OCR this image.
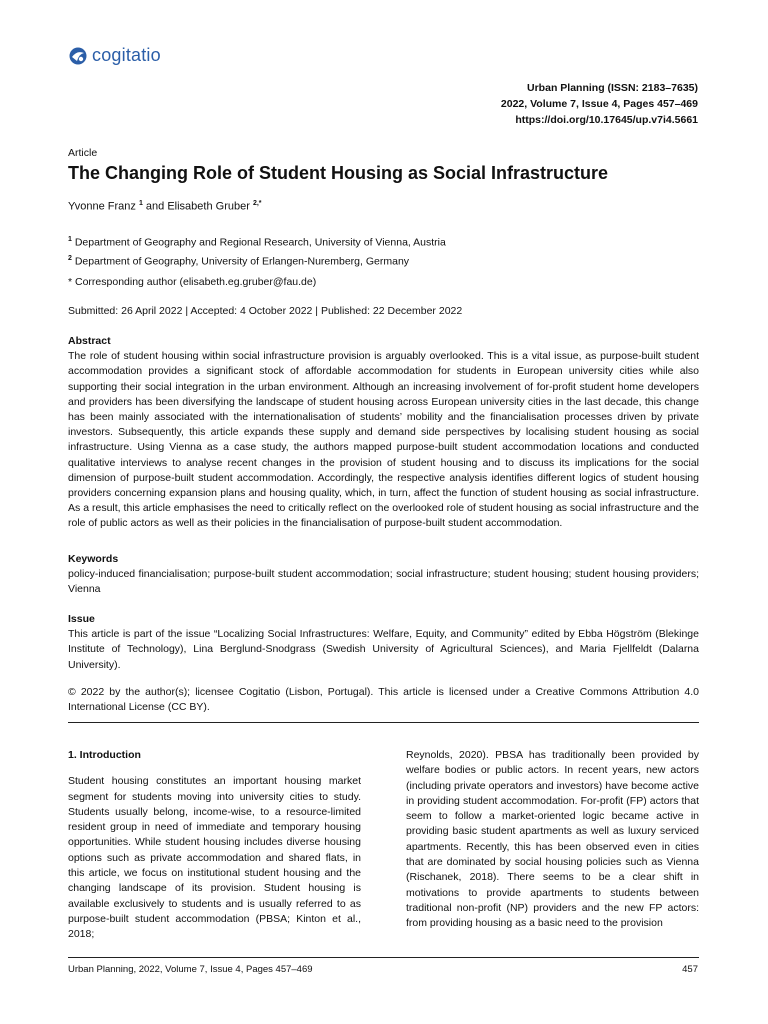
cogitatio
Urban Planning (ISSN: 2183–7635)
2022, Volume 7, Issue 4, Pages 457–469
https://doi.org/10.17645/up.v7i4.5661
Article
The Changing Role of Student Housing as Social Infrastructure
Yvonne Franz $^1$ and Elisabeth Gruber $^{2,*}$
$^1$ Department of Geography and Regional Research, University of Vienna, Austria
$^2$ Department of Geography, University of Erlangen-Nuremberg, Germany
* Corresponding author (elisabeth.eg.gruber@fau.de)
Submitted: 26 April 2022 | Accepted: 4 October 2022 | Published: 22 December 2022
Abstract
The role of student housing within social infrastructure provision is arguably overlooked. This is a vital issue, as purpose-built student accommodation provides a significant stock of affordable accommodation for students in European university cities while also supporting their social integration in the urban environment. Although an increasing involvement of for-profit student home developers and providers has been diversifying the landscape of student housing across European university cities in the last decade, this change has been mainly associated with the internationalisation of students’ mobility and the financialisation processes driven by private investors. Subsequently, this article expands these supply and demand side perspectives by localising student housing as social infrastructure. Using Vienna as a case study, the authors mapped purpose-built student accommodation locations and conducted qualitative interviews to analyse recent changes in the provision of student housing and to discuss its implications for the social dimension of purpose-built student accommodation. Accordingly, the respective analysis identifies different logics of student housing providers concerning expansion plans and housing quality, which, in turn, affect the function of student housing as social infrastructure. As a result, this article emphasises the need to critically reflect on the overlooked role of student housing as social infrastructure and the role of public actors as well as their policies in the financialisation of purpose-built student accommodation.
Keywords
policy-induced financialisation; purpose-built student accommodation; social infrastructure; student housing; student housing providers; Vienna
Issue
This article is part of the issue “Localizing Social Infrastructures: Welfare, Equity, and Community” edited by Ebba Högström (Blekinge Institute of Technology), Lina Berglund-Snodgrass (Swedish University of Agricultural Sciences), and Maria Fjellfeldt (Dalarna University).
© 2022 by the author(s); licensee Cogitatio (Lisbon, Portugal). This article is licensed under a Creative Commons Attribution 4.0 International License (CC BY).
1. Introduction
Student housing constitutes an important housing market segment for students moving into university cities to study. Students usually belong, income-wise, to a resource-limited resident group in need of immediate and temporary housing opportunities. While student housing includes diverse housing options such as private accommodation and shared flats, in this article, we focus on institutional student housing and the changing landscape of its provision. Student housing is available exclusively to students and is usually referred to as purpose-built student accommodation (PBSA; Kinton et al., 2018;
Reynolds, 2020). PBSA has traditionally been provided by welfare bodies or public actors. In recent years, new actors (including private operators and investors) have become active in providing student accommodation. For-profit (FP) actors that seem to follow a market-oriented logic became active in providing basic student apartments as well as luxury serviced apartments. Recently, this has been observed even in cities that are dominated by social housing policies such as Vienna (Rischanek, 2018). There seems to be a clear shift in motivations to provide apartments to students between traditional non-profit (NP) providers and the new FP actors: from providing housing as a basic need to the provision
Urban Planning, 2022, Volume 7, Issue 4, Pages 457–469	457
